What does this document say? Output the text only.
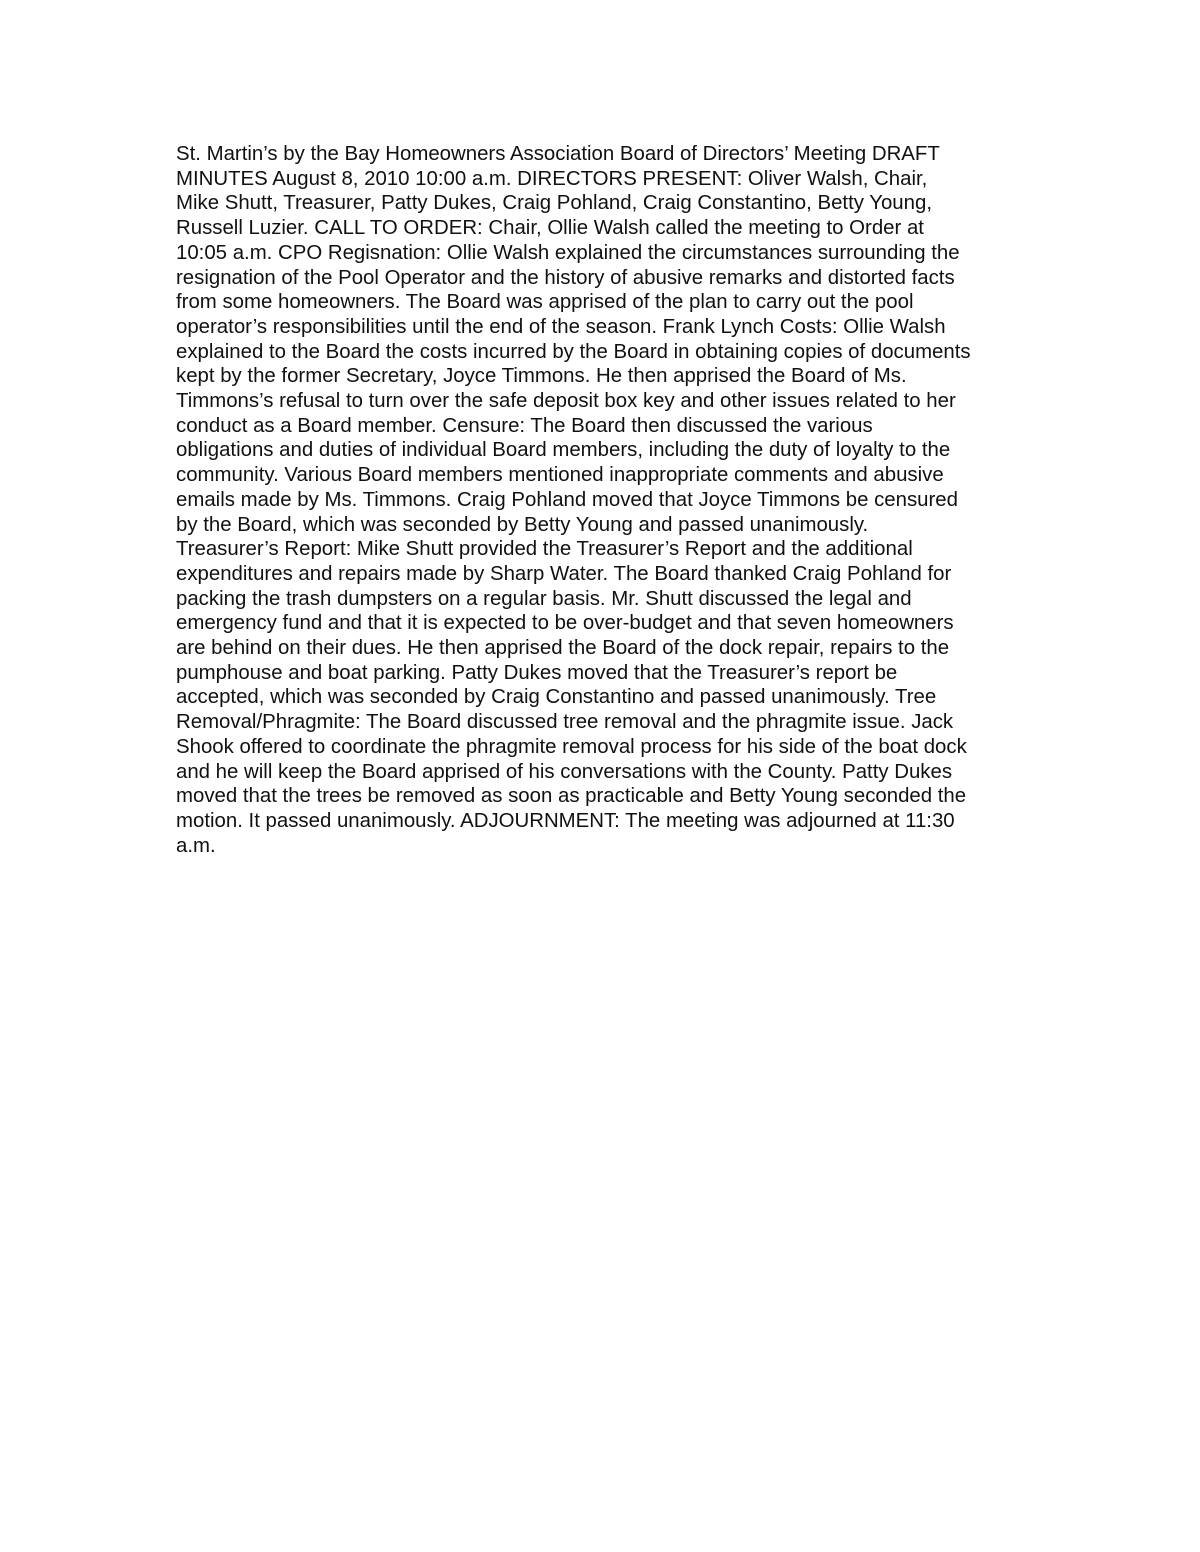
St. Martin’s by the Bay Homeowners Association Board of Directors’ Meeting DRAFT
MINUTES August 8, 2010 10:00 a.m. DIRECTORS PRESENT: Oliver Walsh, Chair,
Mike Shutt, Treasurer, Patty Dukes, Craig Pohland, Craig Constantino, Betty Young,
Russell Luzier. CALL TO ORDER: Chair, Ollie Walsh called the meeting to Order at
10:05 a.m. CPO Regisnation: Ollie Walsh explained the circumstances surrounding the
resignation of the Pool Operator and the history of abusive remarks and distorted facts
from some homeowners. The Board was apprised of the plan to carry out the pool
operator’s responsibilities until the end of the season. Frank Lynch Costs: Ollie Walsh
explained to the Board the costs incurred by the Board in obtaining copies of documents
kept by the former Secretary, Joyce Timmons. He then apprised the Board of Ms.
Timmons’s refusal to turn over the safe deposit box key and other issues related to her
conduct as a Board member. Censure: The Board then discussed the various
obligations and duties of individual Board members, including the duty of loyalty to the
community. Various Board members mentioned inappropriate comments and abusive
emails made by Ms. Timmons. Craig Pohland moved that Joyce Timmons be censured
by the Board, which was seconded by Betty Young and passed unanimously.
Treasurer’s Report: Mike Shutt provided the Treasurer’s Report and the additional
expenditures and repairs made by Sharp Water. The Board thanked Craig Pohland for
packing the trash dumpsters on a regular basis. Mr. Shutt discussed the legal and
emergency fund and that it is expected to be over-budget and that seven homeowners
are behind on their dues. He then apprised the Board of the dock repair, repairs to the
pumphouse and boat parking. Patty Dukes moved that the Treasurer’s report be
accepted, which was seconded by Craig Constantino and passed unanimously. Tree
Removal/Phragmite: The Board discussed tree removal and the phragmite issue. Jack
Shook offered to coordinate the phragmite removal process for his side of the boat dock
and he will keep the Board apprised of his conversations with the County. Patty Dukes
moved that the trees be removed as soon as practicable and Betty Young seconded the
motion. It passed unanimously. ADJOURNMENT: The meeting was adjourned at 11:30
a.m.
